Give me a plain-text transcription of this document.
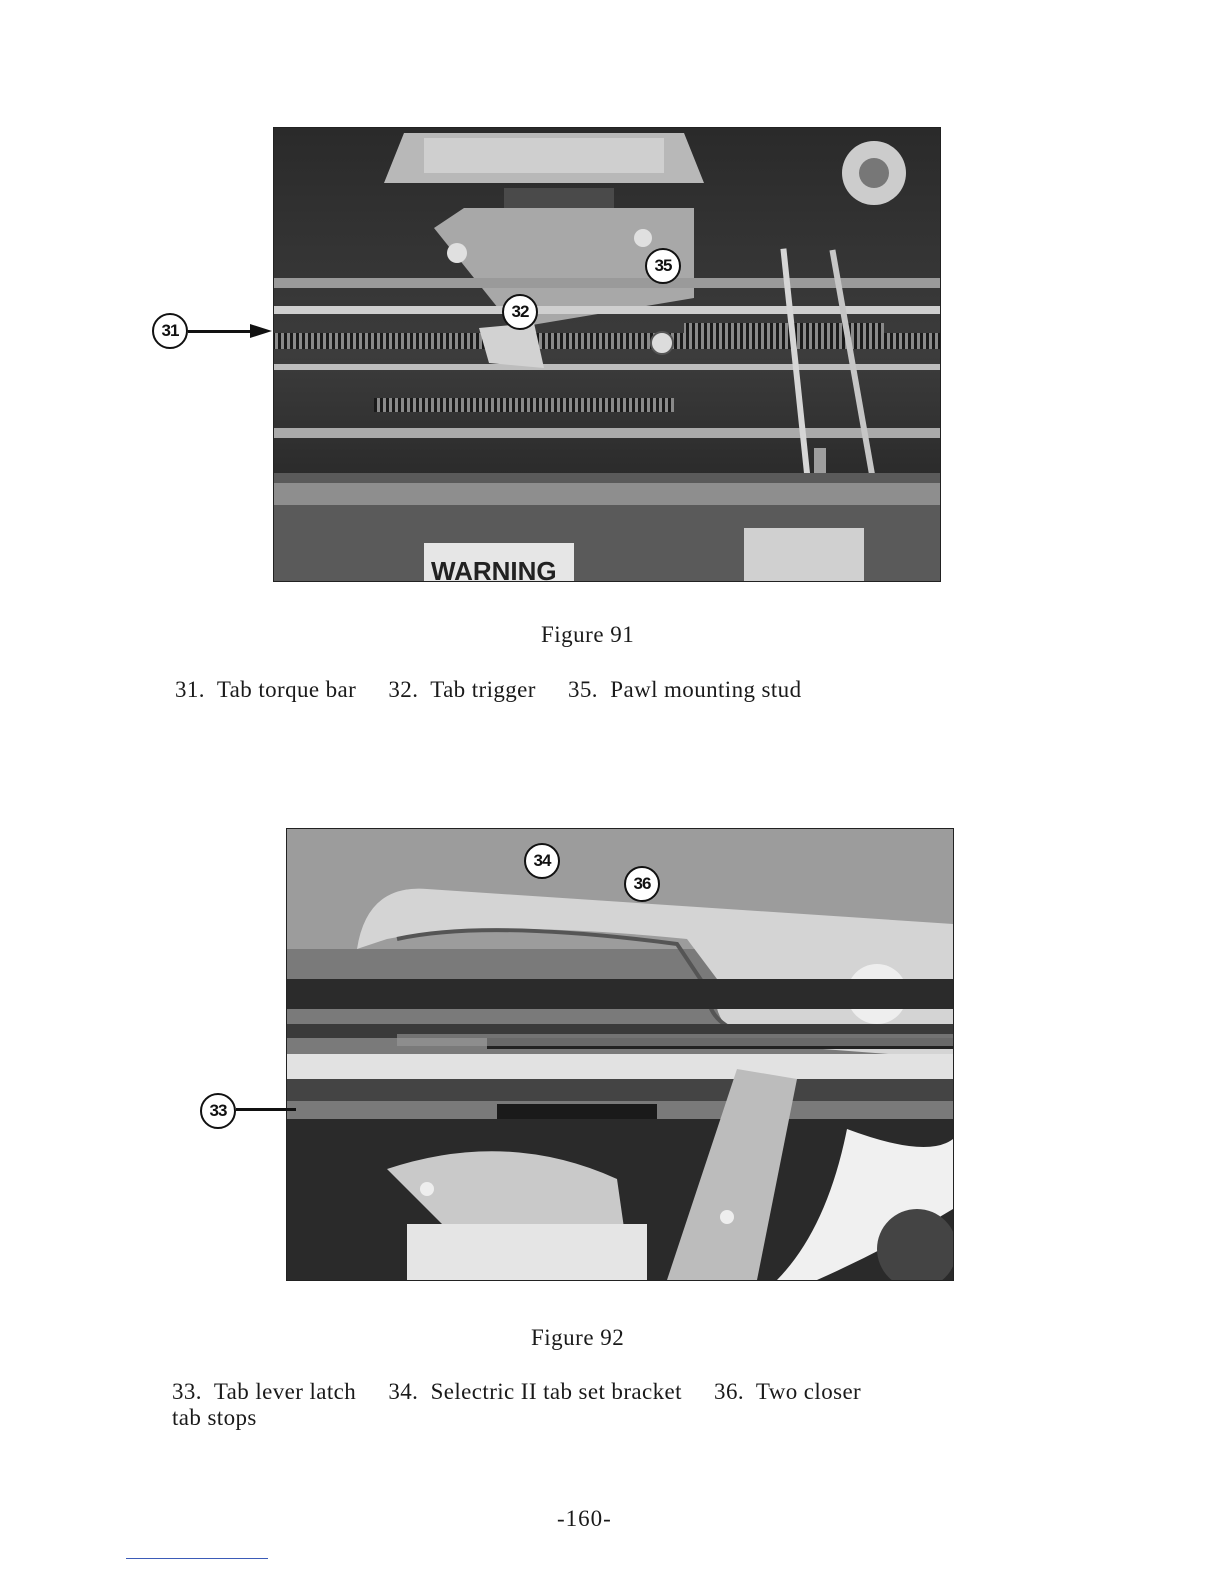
WARNING
31
32
35
Figure 91
31. Tab torque bar 32. Tab trigger 35. Pawl mounting stud
34
36
33
Figure 92
33. Tab lever latch 34. Selectric II tab set bracket 36. Two closer
tab stops
-160-
